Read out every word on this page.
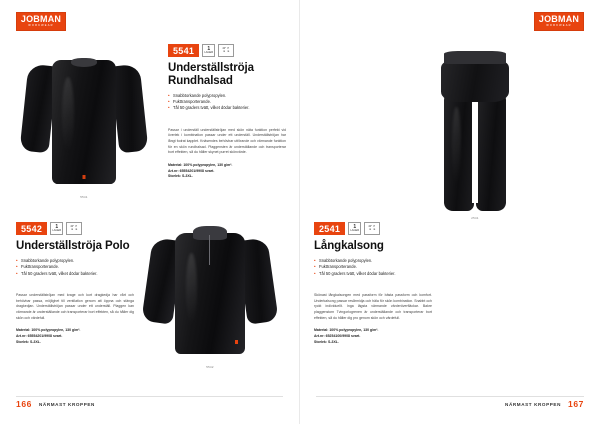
JOBMAN
WORKWEAR
5541
5541	1
LAGER
40° P
⊗ ⊗
Underställströja Rundhalsad
• Snabbtorkande polypropylen.
• Fukttransporterande.
• Tål 50 graders tvätt, vilket dödar bakterier.
Passar i underställ underställströjan med skön näta funktion perfekt vid överlek i kombination passar under ett underställ. Underställströjan har långt fodrat kapplet. Knäsendes behövbar utförande och värmande funktion för en skön rundhalsad. Plaggensten är underställande och transporterar bort effekten, så du håller skynet purret skönvärde.
Material: 100% polypropylen, 130 g/m².
Art.nr: 65554201/9908 svart.
Storlek: S-3XL.
5542	1
LAGER
40° P
⊗ ⊗
Underställströja Polo
• Snabbtorkande polypropylen.
• Fukttransporterande.
• Tål 50 graders tvätt, vilket dödar bakterier.
Passar underställströjan med krage och kort dragkedja har vårt och behövbar passa, möjlighet till ventilation genom att öppna och stänga dragkedjan. Underställströjan passar under ett underställ. Plaggen kan värmande är underställande och transporterar bort effekten, så du håller dig skön och värdefull.
Material: 100% polypropylen, 130 g/m².
Art.nr: 65554201/9908 svart.
Storlek: S-3XL.
5542
166 NÄRMAST KROPPEN
JOBMAN
WORKWEAR
2541
2541	1
LAGER
40° P
⊗ ⊗
Långkalsong
• Snabbtorkande polypropylen.
• Fukttransporterande.
• Tål 50 graders tvätt, vilket dödar bakterier.
Skönast långkalsongen med passform för bästa passform och komfort. Underkalsong passar resårmidja och häla för skön kombination. Snabbt och ryckt individuellt. Inga lägsta värmande värderöverfläckar. Bakre plaggenstorn Tvingorlogrenen är underställande och transporterar bort effekten, så du håller dig pro genom skön och värdefull.
Material: 100% polypropylen, 130 g/m².
Art.nr: 65254100/9908 svart.
Storlek: S-3XL.
NÄRMAST KROPPEN 167
